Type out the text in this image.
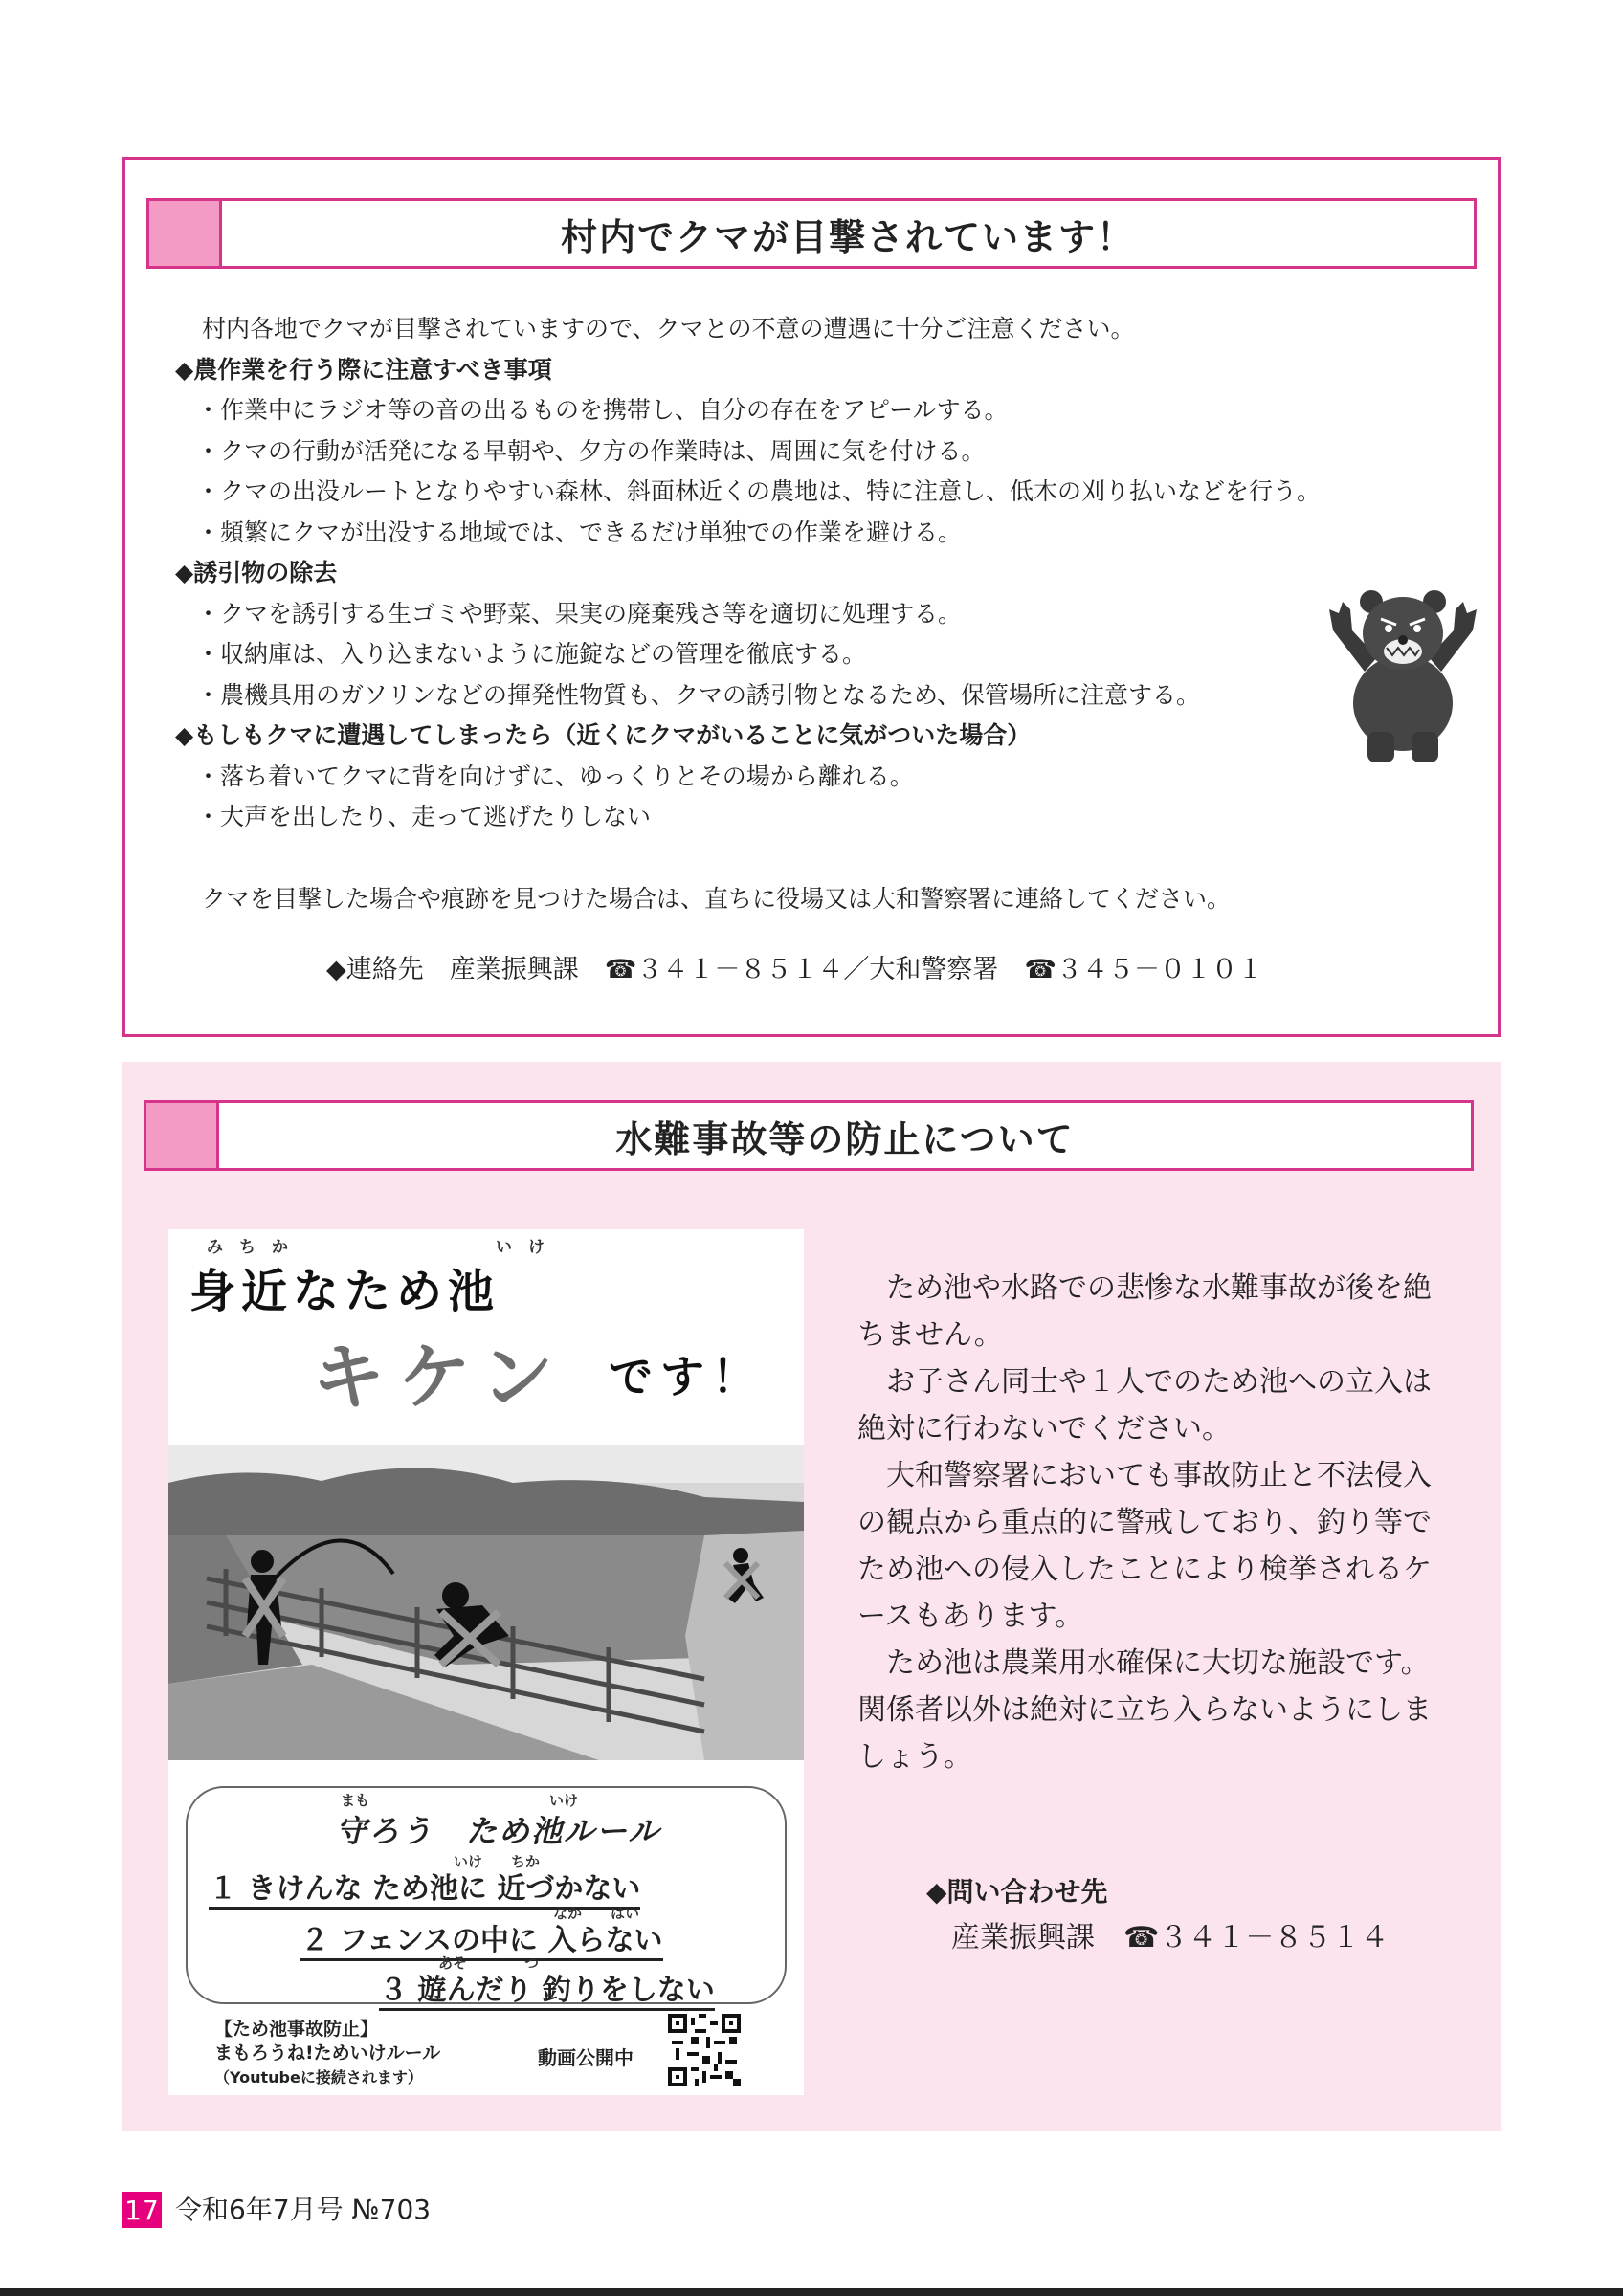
村内でクマが目撃されています！
村内各地でクマが目撃されていますので、クマとの不意の遭遇に十分ご注意ください。
◆農作業を行う際に注意すべき事項
・作業中にラジオ等の音の出るものを携帯し、自分の存在をアピールする。
・クマの行動が活発になる早朝や、夕方の作業時は、周囲に気を付ける。
・クマの出没ルートとなりやすい森林、斜面林近くの農地は、特に注意し、低木の刈り払いなどを行う。
・頻繁にクマが出没する地域では、できるだけ単独での作業を避ける。
◆誘引物の除去
・クマを誘引する生ゴミや野菜、果実の廃棄残さ等を適切に処理する。
・収納庫は、入り込まないように施錠などの管理を徹底する。
・農機具用のガソリンなどの揮発性物質も、クマの誘引物となるため、保管場所に注意する。
◆もしもクマに遭遇してしまったら（近くにクマがいることに気がついた場合）
・落ち着いてクマに背を向けずに、ゆっくりとその場から離れる。
・大声を出したり、走って逃げたりしない
クマを目撃した場合や痕跡を見つけた場合は、直ちに役場又は大和警察署に連絡してください。
◆連絡先　産業振興課　☎３４１－８５１４／大和警察署　☎３４５－０１０１
水難事故等の防止について
　ため池や水路での悲惨な水難事故が後を絶ちません。
　お子さん同士や１人でのため池への立入は絶対に行わないでください。
　大和警察署においても事故防止と不法侵入の観点から重点的に警戒しており、釣り等でため池への侵入したことにより検挙されるケースもあります。
　ため池は農業用水確保に大切な施設です。関係者以外は絶対に立ち入らないようにしましょう。
◆問い合わせ先
産業振興課　☎３４１－８５１４
み　ち　か	い　け
身近なため池
キケン です！
まも	いけ
守ろう　ため池ルール
いけ　　ちか
１ きけんな ため池に 近づかない
なか　　はい
２ フェンスの中に 入らない
あそ　　　　つ
３ 遊んだり 釣りをしない
【ため池事故防止】
まもろうね!ためいけルール
（Youtubeに接続されます）
動画公開中
17 令和6年7月号 №703
